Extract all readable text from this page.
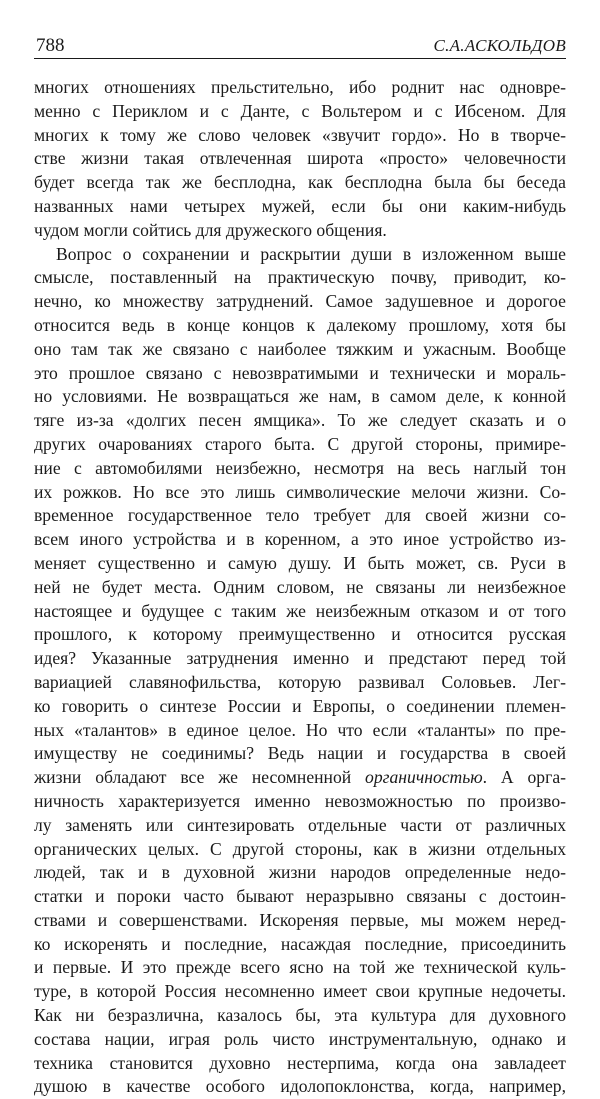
788	С.А.АСКОЛЬДОВ
многих отношениях прельстительно, ибо роднит нас одновре-
менно с Периклом и с Данте, с Вольтером и с Ибсеном. Для
многих к тому же слово человек «звучит гордо». Но в творче-
стве жизни такая отвлеченная широта «просто» человечности
будет всегда так же бесплодна, как бесплодна была бы беседа
названных нами четырех мужей, если бы они каким-нибудь
чудом могли сойтись для дружеского общения.
Вопрос о сохранении и раскрытии души в изложенном выше
смысле, поставленный на практическую почву, приводит, ко-
нечно, ко множеству затруднений. Самое задушевное и дорогое
относится ведь в конце концов к далекому прошлому, хотя бы
оно там так же связано с наиболее тяжким и ужасным. Вообще
это прошлое связано с невозвратимыми и технически и мораль-
но условиями. Не возвращаться же нам, в самом деле, к конной
тяге из-за «долгих песен ямщика». То же следует сказать и о
других очарованиях старого быта. С другой стороны, примире-
ние с автомобилями неизбежно, несмотря на весь наглый тон
их рожков. Но все это лишь символические мелочи жизни. Со-
временное государственное тело требует для своей жизни со-
всем иного устройства и в коренном, а это иное устройство из-
меняет существенно и самую душу. И быть может, св. Руси в
ней не будет места. Одним словом, не связаны ли неизбежное
настоящее и будущее с таким же неизбежным отказом и от того
прошлого, к которому преимущественно и относится русская
идея? Указанные затруднения именно и предстают перед той
вариацией славянофильства, которую развивал Соловьев. Лег-
ко говорить о синтезе России и Европы, о соединении племен-
ных «талантов» в единое целое. Но что если «таланты» по пре-
имуществу не соединимы? Ведь нации и государства в своей
жизни обладают все же несомненной органичностью. А орга-
ничность характеризуется именно невозможностью по произво-
лу заменять или синтезировать отдельные части от различных
органических целых. С другой стороны, как в жизни отдельных
людей, так и в духовной жизни народов определенные недо-
статки и пороки часто бывают неразрывно связаны с достоин-
ствами и совершенствами. Искореняя первые, мы можем неред-
ко искоренять и последние, насаждая последние, присоединить
и первые. И это прежде всего ясно на той же технической куль-
туре, в которой Россия несомненно имеет свои крупные недочеты.
Как ни безразлична, казалось бы, эта культура для духовного
состава нации, играя роль чисто инструментальную, однако и
техника становится духовно нестерпима, когда она завладеет
душою в качестве особого идолопоклонства, когда, например,
